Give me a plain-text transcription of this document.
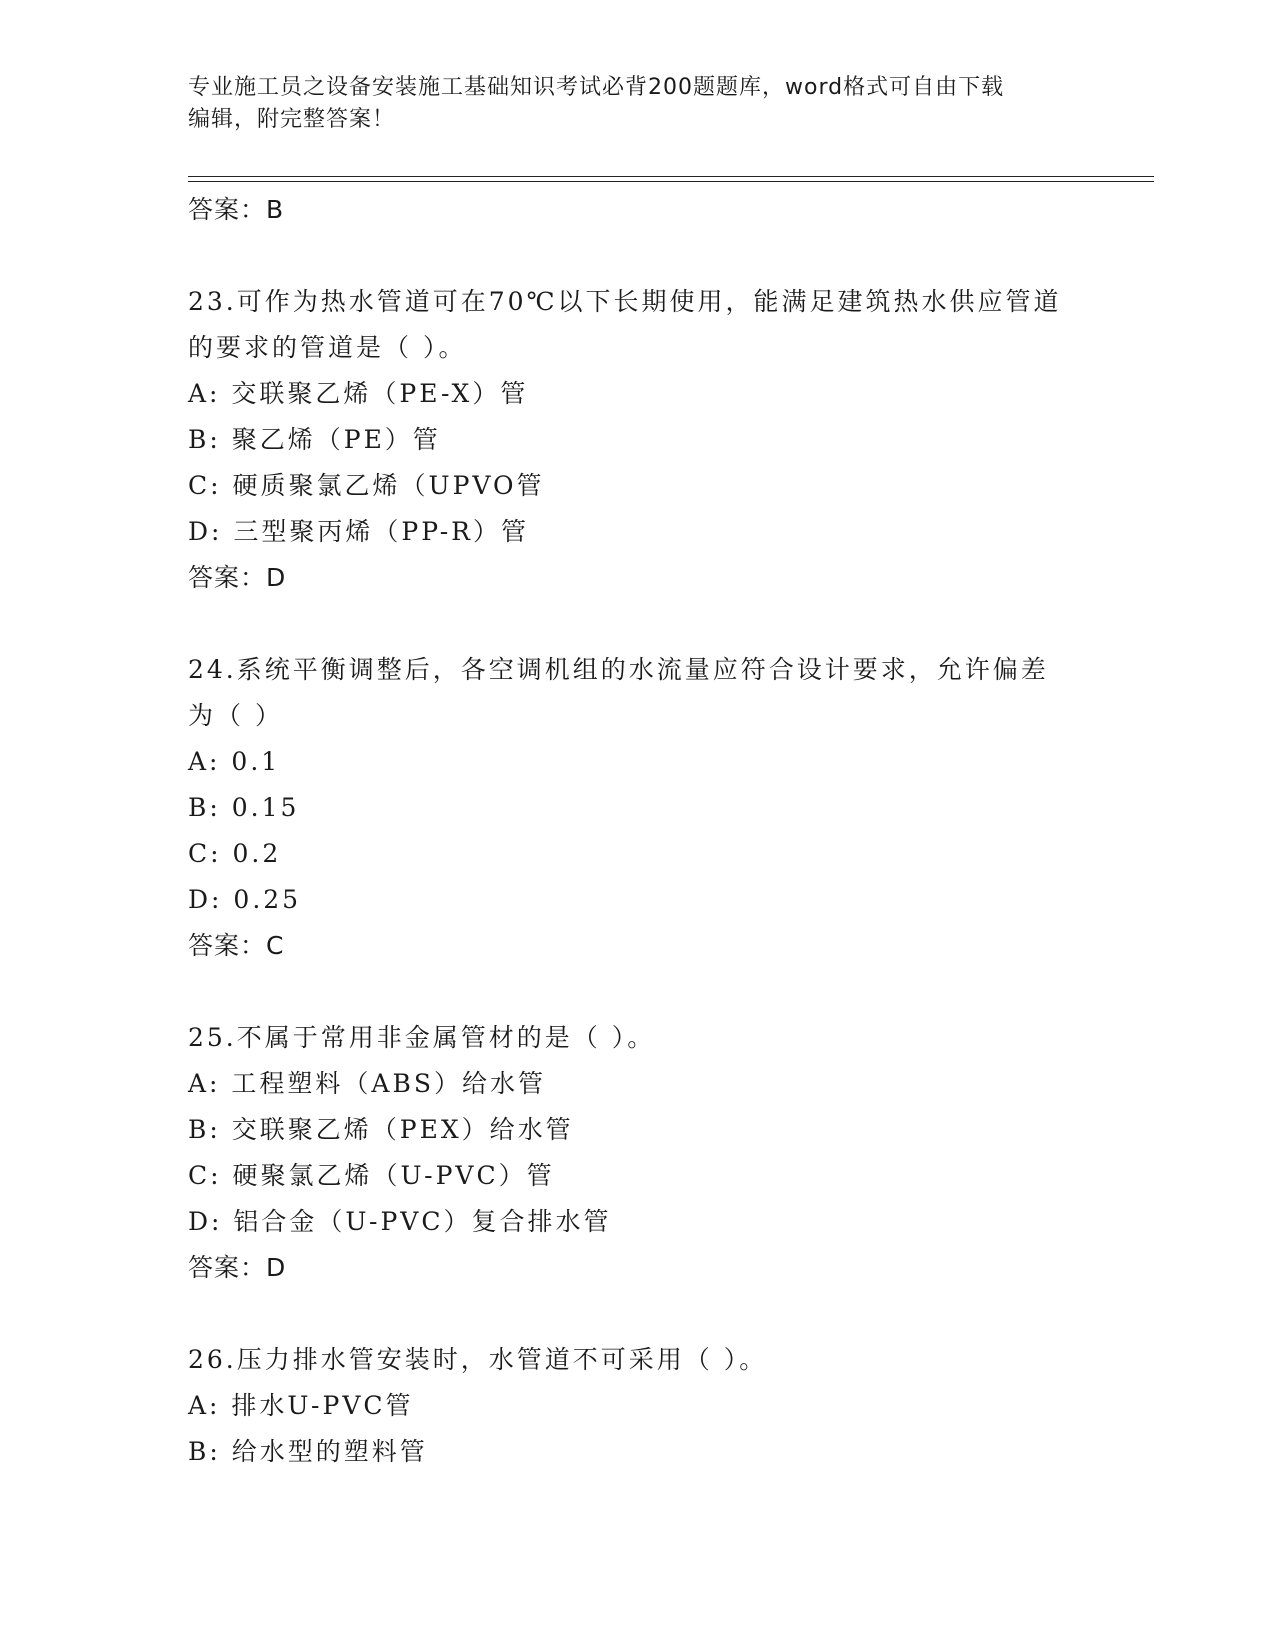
专业施工员之设备安装施工基础知识考试必背200题题库，word格式可自由下载
编辑，附完整答案！
答案：B
23.可作为热水管道可在70℃以下长期使用，能满足建筑热水供应管道
的要求的管道是（ ）。
A: 交联聚乙烯（PE-X）管
B: 聚乙烯（PE）管
C: 硬质聚氯乙烯（UPVO管
D: 三型聚丙烯（PP-R）管
答案：D
24.系统平衡调整后，各空调机组的水流量应符合设计要求，允许偏差
为（ ）
A: 0.1
B: 0.15
C: 0.2
D: 0.25
答案：C
25.不属于常用非金属管材的是（ ）。
A: 工程塑料（ABS）给水管
B: 交联聚乙烯（PEX）给水管
C: 硬聚氯乙烯（U-PVC）管
D: 铝合金（U-PVC）复合排水管
答案：D
26.压力排水管安装时，水管道不可采用（ ）。
A: 排水U-PVC管
B: 给水型的塑料管
